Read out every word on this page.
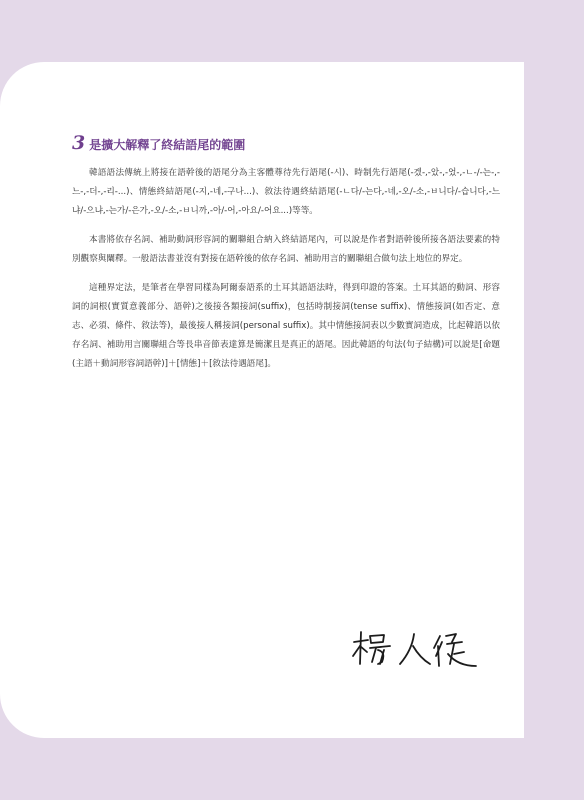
3 是擴大解釋了終結語尾的範圍

韓語語法傳統上將接在語幹後的語尾分為主客體尊待先行語尾(-시)、時制先行語尾(-겠-,-았-,-었-,-ㄴ-/-는-,-느-,-더-,-리-...)、情態終結語尾(-지,-네,-구나...)、敘法待遇終結語尾(-ㄴ다/-는다,-네,-오/-소,-ㅂ니다/-습니다,-느냐/-으냐,-는가/-은가,-오/-소,-ㅂ니까,-아/-어,-아요/-어요...)等等。

本書將依存名詞、補助動詞形容詞的關聯組合納入終結語尾內，可以說是作者對語幹後所接各語法要素的特別觀察與闡釋。一般語法書並沒有對接在語幹後的依存名詞、補助用言的關聯組合做句法上地位的界定。

這種界定法，是筆者在學習同樣為阿爾泰語系的土耳其語語法時，得到印證的答案。土耳其語的動詞、形容詞的詞根(實質意義部分、語幹)之後接各類接詞(suffix)，包括時制接詞(tense suffix)、情態接詞(如否定、意志、必須、條件、敘法等)，最後接人稱接詞(personal suffix)。其中情態接詞表以少數實詞造成，比起韓語以依存名詞、補助用言關聯組合等長串音節表達算是簡潔且是真正的語尾。因此韓語的句法(句子結構)可以說是[命題(主語＋動詞形容詞語幹)]＋[情態]＋[敘法待遇語尾]。
